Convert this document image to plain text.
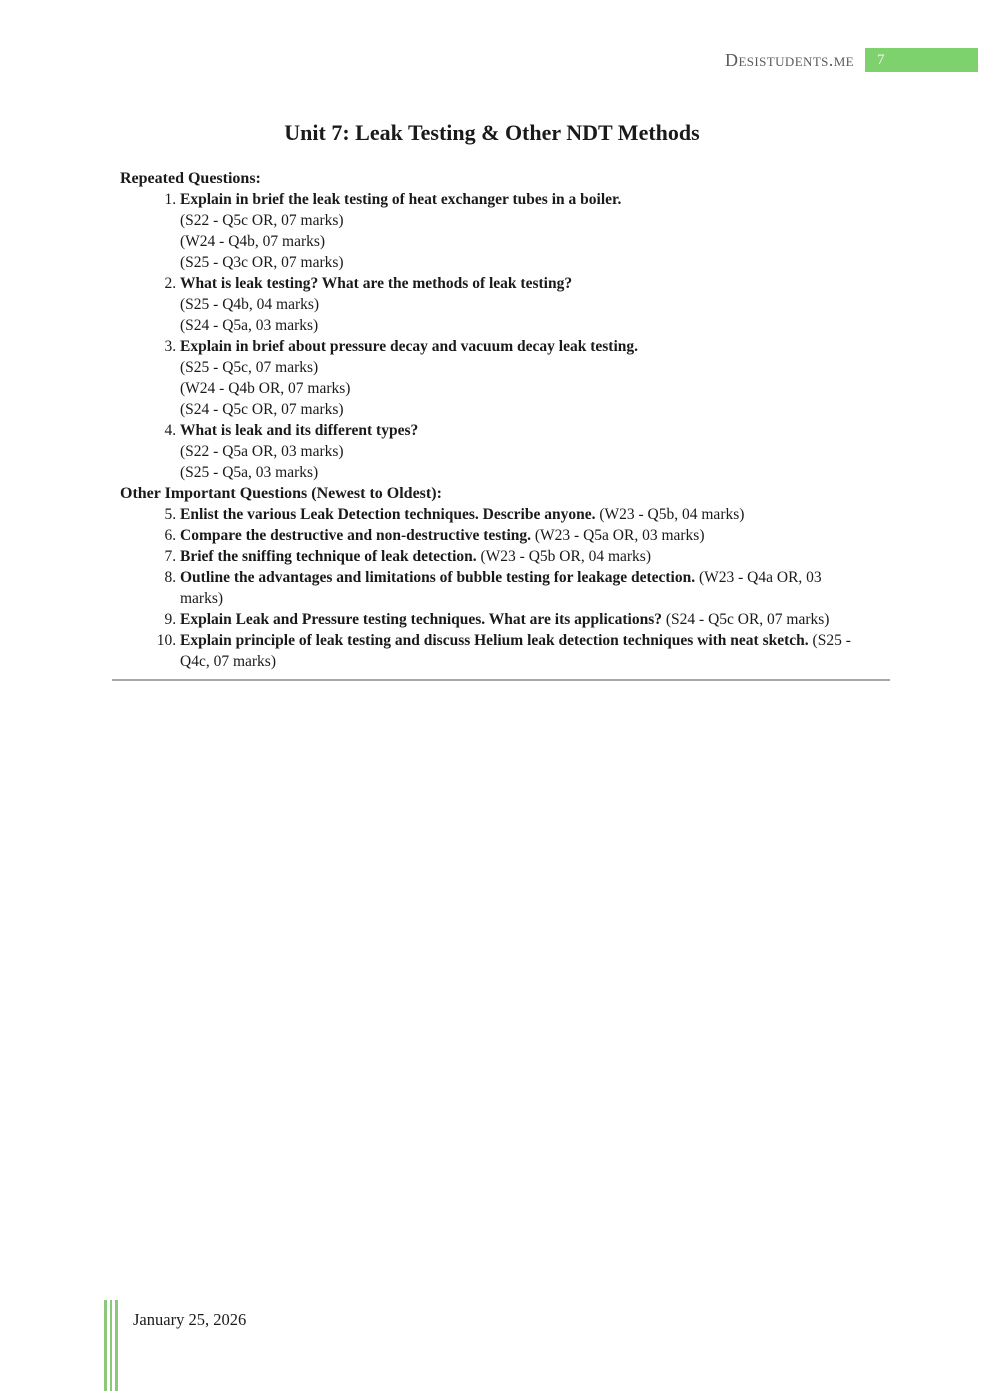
Desistudents.me	7
Unit 7: Leak Testing & Other NDT Methods
Repeated Questions:
1. Explain in brief the leak testing of heat exchanger tubes in a boiler.
(S22 - Q5c OR, 07 marks)
(W24 - Q4b, 07 marks)
(S25 - Q3c OR, 07 marks)
2. What is leak testing? What are the methods of leak testing?
(S25 - Q4b, 04 marks)
(S24 - Q5a, 03 marks)
3. Explain in brief about pressure decay and vacuum decay leak testing.
(S25 - Q5c, 07 marks)
(W24 - Q4b OR, 07 marks)
(S24 - Q5c OR, 07 marks)
4. What is leak and its different types?
(S22 - Q5a OR, 03 marks)
(S25 - Q5a, 03 marks)
Other Important Questions (Newest to Oldest):
5. Enlist the various Leak Detection techniques. Describe anyone. (W23 - Q5b, 04 marks)
6. Compare the destructive and non-destructive testing. (W23 - Q5a OR, 03 marks)
7. Brief the sniffing technique of leak detection. (W23 - Q5b OR, 04 marks)
8. Outline the advantages and limitations of bubble testing for leakage detection. (W23 - Q4a OR, 03 marks)
9. Explain Leak and Pressure testing techniques. What are its applications? (S24 - Q5c OR, 07 marks)
10. Explain principle of leak testing and discuss Helium leak detection techniques with neat sketch. (S25 - Q4c, 07 marks)
January 25, 2026
